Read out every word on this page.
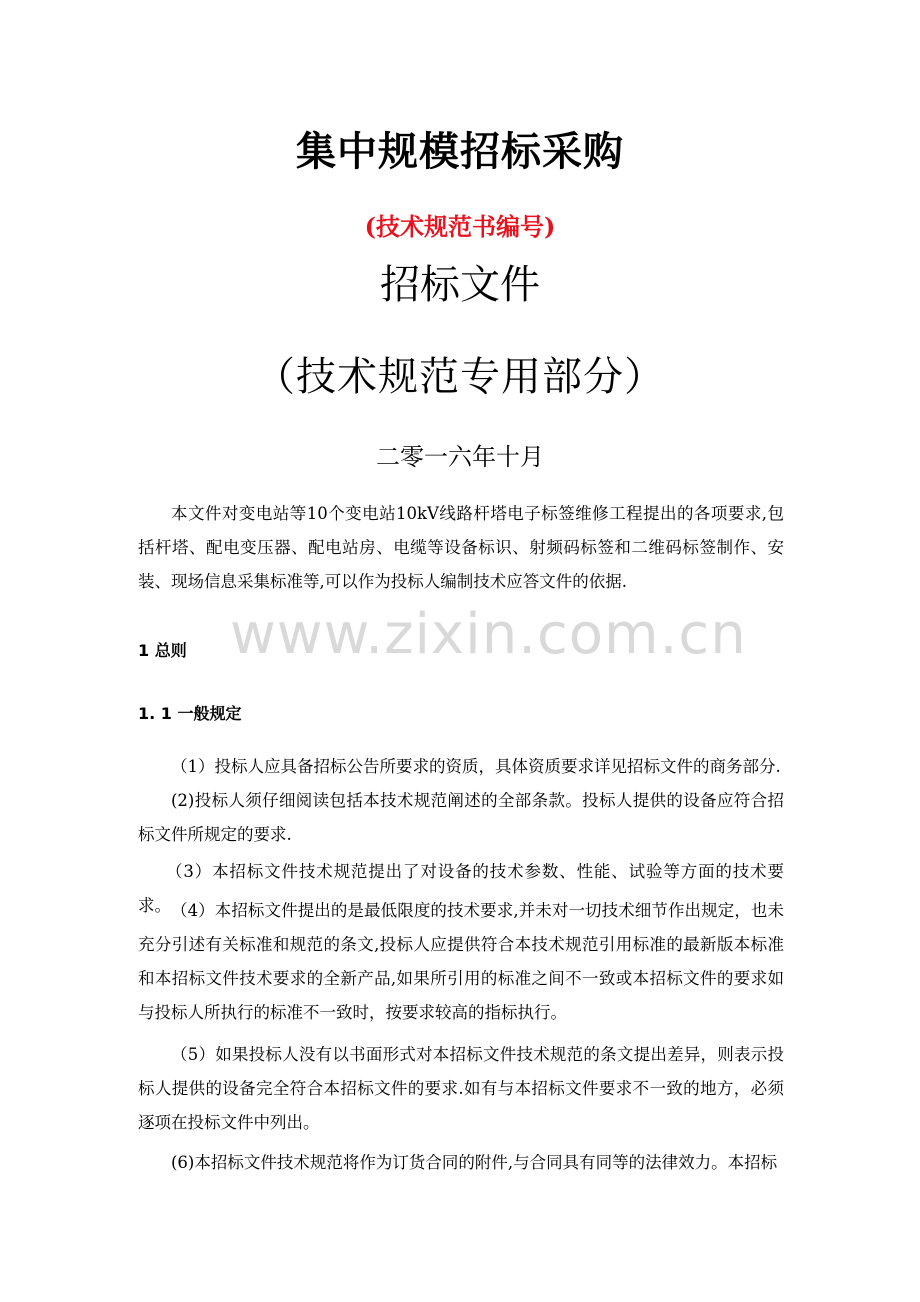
集中规模招标采购
(技术规范书编号)
招标文件
（技术规范专用部分）
二零一六年十月
本文件对变电站等10个变电站10kV线路杆塔电子标签维修工程提出的各项要求,包括杆塔、配电变压器、配电站房、电缆等设备标识、射频码标签和二维码标签制作、安装、现场信息采集标准等,可以作为投标人编制技术应答文件的依据.
www.zixin.com.cn
1 总则
1. 1 一般规定
（1）投标人应具备招标公告所要求的资质，具体资质要求详见招标文件的商务部分.
(2)投标人须仔细阅读包括本技术规范阐述的全部条款。投标人提供的设备应符合招标文件所规定的要求.
（3）本招标文件技术规范提出了对设备的技术参数、性能、试验等方面的技术要求。 （4）本招标文件提出的是最低限度的技术要求,并未对一切技术细节作出规定，也未充分引述有关标准和规范的条文,投标人应提供符合本技术规范引用标准的最新版本标准和本招标文件技术要求的全新产品,如果所引用的标准之间不一致或本招标文件的要求如与投标人所执行的标准不一致时，按要求较高的指标执行。
（5）如果投标人没有以书面形式对本招标文件技术规范的条文提出差异，则表示投标人提供的设备完全符合本招标文件的要求.如有与本招标文件要求不一致的地方，必须逐项在投标文件中列出。
(6)本招标文件技术规范将作为订货合同的附件,与合同具有同等的法律效力。本招标
